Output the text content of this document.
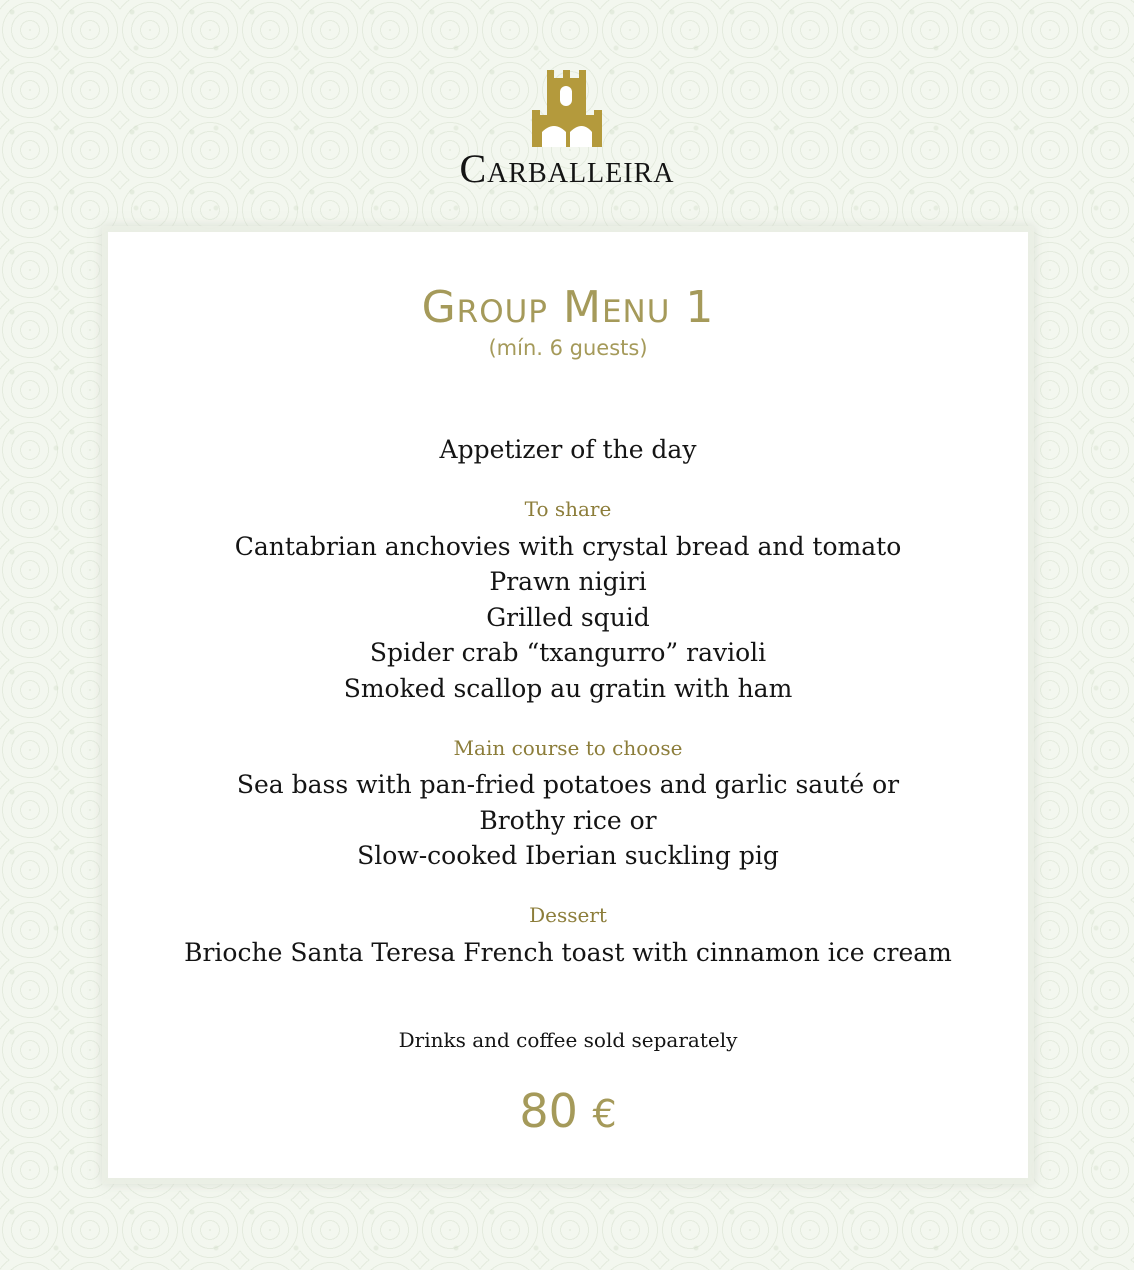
Carballeira
Group Menu 1
(mín. 6 guests)
Appetizer of the day
To share
Cantabrian anchovies with crystal bread and tomato
Prawn nigiri
Grilled squid
Spider crab “txangurro” ravioli
Smoked scallop au gratin with ham
Main course to choose
Sea bass with pan-fried potatoes and garlic sauté or
Brothy rice or
Slow-cooked Iberian suckling pig
Dessert
Brioche Santa Teresa French toast with cinnamon ice cream
Drinks and coffee sold separately
80 €
